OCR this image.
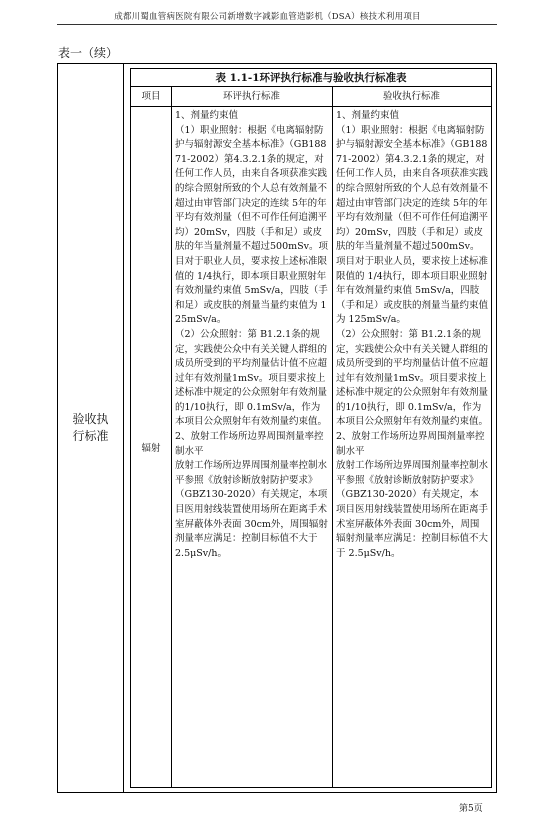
成都川蜀血管病医院有限公司新增数字减影血管造影机（DSA）核技术利用项目
表一（续）
验收执行标准
表 1.1-1环评执行标准与验收执行标准表
项目	环评执行标准	验收执行标准
辐射
1、剂量约束值
（1）职业照射：根据《电离辐射防护与辐射源安全基本标准》（GB18871-2002）第4.3.2.1条的规定，对任何工作人员，由来自各项获准实践的综合照射所致的个人总有效剂量不超过由审管部门决定的连续 5年的年平均有效剂量（但不可作任何追溯平均）20mSv，四肢（手和足）或皮肤的年当量剂量不超过500mSv。项目对于职业人员，要求按上述标准限值的 1/4执行，即本项目职业照射年有效剂量约束值 5mSv/a，四肢（手和足）或皮肤的剂量当量约束值为 125mSv/a。
（2）公众照射：第 B1.2.1条的规定，实践使公众中有关关键人群组的成员所受到的平均剂量估计值不应超过年有效剂量1mSv。项目要求按上述标准中规定的公众照射年有效剂量的1/10执行，即 0.1mSv/a，作为本项目公众照射年有效剂量约束值。
2、放射工作场所边界周围剂量率控制水平
放射工作场所边界周围剂量率控制水平参照《放射诊断放射防护要求》（GBZ130-2020）有关规定，本项目医用射线装置使用场所在距离手术室屏蔽体外表面 30cm外，周围辐射剂量率应满足：控制目标值不大于 2.5μSv/h。
1、剂量约束值
（1）职业照射：根据《电离辐射防护与辐射源安全基本标准》（GB18871-2002）第4.3.2.1条的规定，对任何工作人员，由来自各项获准实践的综合照射所致的个人总有效剂量不超过由审管部门决定的连续 5年的年平均有效剂量（但不可作任何追溯平均）20mSv，四肢（手和足）或皮肤的年当量剂量不超过500mSv。项目对于职业人员，要求按上述标准限值的 1/4执行，即本项目职业照射年有效剂量约束值 5mSv/a，四肢（手和足）或皮肤的剂量当量约束值为 125mSv/a。
（2）公众照射：第 B1.2.1条的规定，实践使公众中有关关键人群组的成员所受到的平均剂量估计值不应超过年有效剂量1mSv。项目要求按上述标准中规定的公众照射年有效剂量的1/10执行，即 0.1mSv/a，作为本项目公众照射年有效剂量约束值。
2、放射工作场所边界周围剂量率控制水平
放射工作场所边界周围剂量率控制水平参照《放射诊断放射防护要求》（GBZ130-2020）有关规定，本项目医用射线装置使用场所在距离手术室屏蔽体外表面 30cm外，周围辐射剂量率应满足：控制目标值不大于 2.5μSv/h。
第5页
